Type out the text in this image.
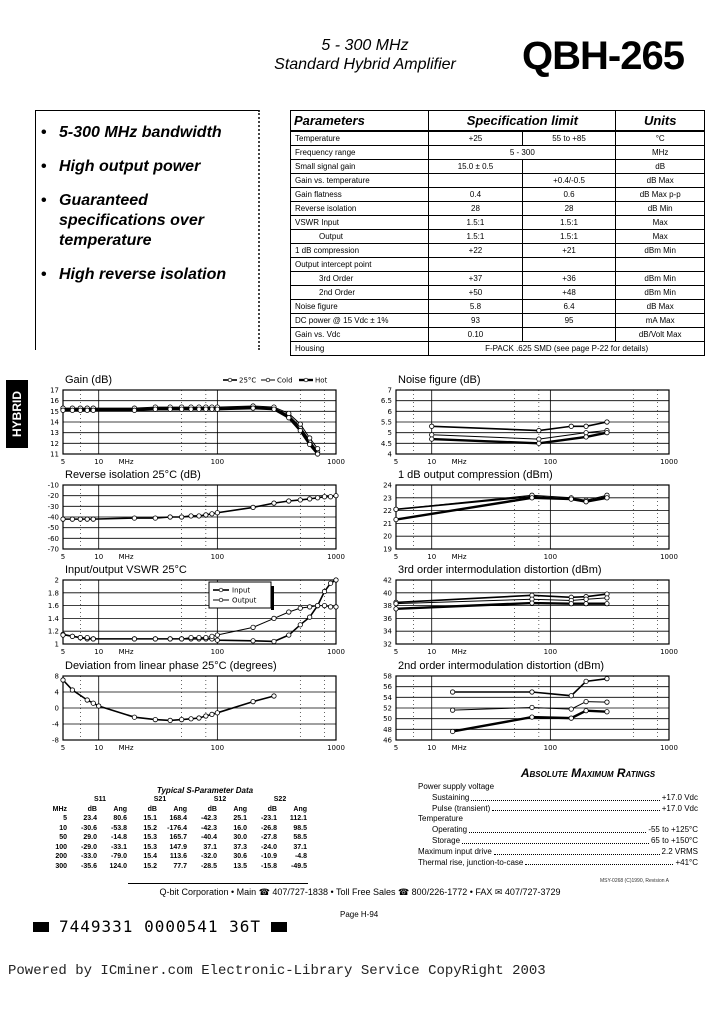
5 - 300 MHz
Standard Hybrid Amplifier	QBH-265
• 5-300 MHz bandwidth
• High output power
• Guaranteed specifications over temperature
• High reverse isolation
Parameters	Specification limit		Units
Temperature	+25	55 to +85	°C
Frequency range	5 - 300		MHz
Small signal gain	15.0 ± 0.5		dB
Gain vs. temperature		+0.4/-0.5	dB Max
Gain flatness	0.4	0.6	dB Max p-p
Reverse isolation	28	28	dB Min
VSWR Input	1.5:1	1.5:1	Max
Output	1.5:1	1.5:1	Max
1 dB compression	+22	+21	dBm Min
Output intercept point			
3rd Order	+37	+36	dBm Min
2nd Order	+50	+48	dBm Min
Noise figure	5.8	6.4	dB Max
DC power @ 15 Vdc ± 1%	93	95	mA Max
Gain vs. Vdc	0.10		dB/Volt Max
Housing	F-PACK .625 SMD (see page P-22 for details)		
HYBRID
Gain (dB)
11
12
13
14
15
16
17
5	10	100	1000
MHz
25°C	Cold	Hot	Noise figure (dB)
4
4.5
5
5.5
6
6.5
7
5	10	100	1000
MHz
Reverse isolation 25°C (dB)
-70
-60
-50
-40
-30
-20
-10
5	10	100	1000
MHz
1 dB output compression (dBm)
19
20
21
22
23
24
5	10	100	1000
MHz
Input/output VSWR 25°C
1
1.2
1.4
1.6
1.8
2
5	10	100	1000
MHz
Input
Output
3rd order intermodulation distortion (dBm)
32
34
36
38
40
42
5	10	100	1000
MHz
Deviation from linear phase 25°C (degrees)
-8
-4
0
4
8
5	10	100	1000
MHz
2nd order intermodulation distortion (dBm)
46
48
50
52
54
56
58
5	10	100	1000
MHz
Typical S-Parameter Data
	S11		S21		S12		S22	
MHz	dB	Ang	dB	Ang	dB	Ang	dB	Ang
5	23.4	80.6	15.1	168.4	-42.3	25.1	-23.1	112.1
10	-30.6	-53.8	15.2	-176.4	-42.3	16.0	-26.8	98.5
50	29.0	-14.8	15.3	165.7	-40.4	30.0	-27.8	58.5
100	-29.0	-33.1	15.3	147.9	37.1	37.3	-24.0	37.1
200	-33.0	-79.0	15.4	113.6	-32.0	30.6	-10.9	-4.8
300	-35.6	124.0	15.2	77.7	-28.5	13.5	-15.8	-49.5
Absolute Maximum Ratings
Power supply voltage
Sustaining	+17.0 Vdc
Pulse (transient)	+17.0 Vdc
Temperature
Operating	-55 to +125°C
Storage	65 to +150°C
Maximum input drive	2.2 VRMS
Thermal rise, junction-to-case	+41°C
MSY-0268 (C)1990, Revision A
Q-bit Corporation • Main ☎ 407/727-1838 • Toll Free Sales ☎ 800/226-1772 • FAX ✉ 407/727-3729
Page H-94
7449331 0000541 36T
Powered by ICminer.com Electronic-Library Service CopyRight 2003
